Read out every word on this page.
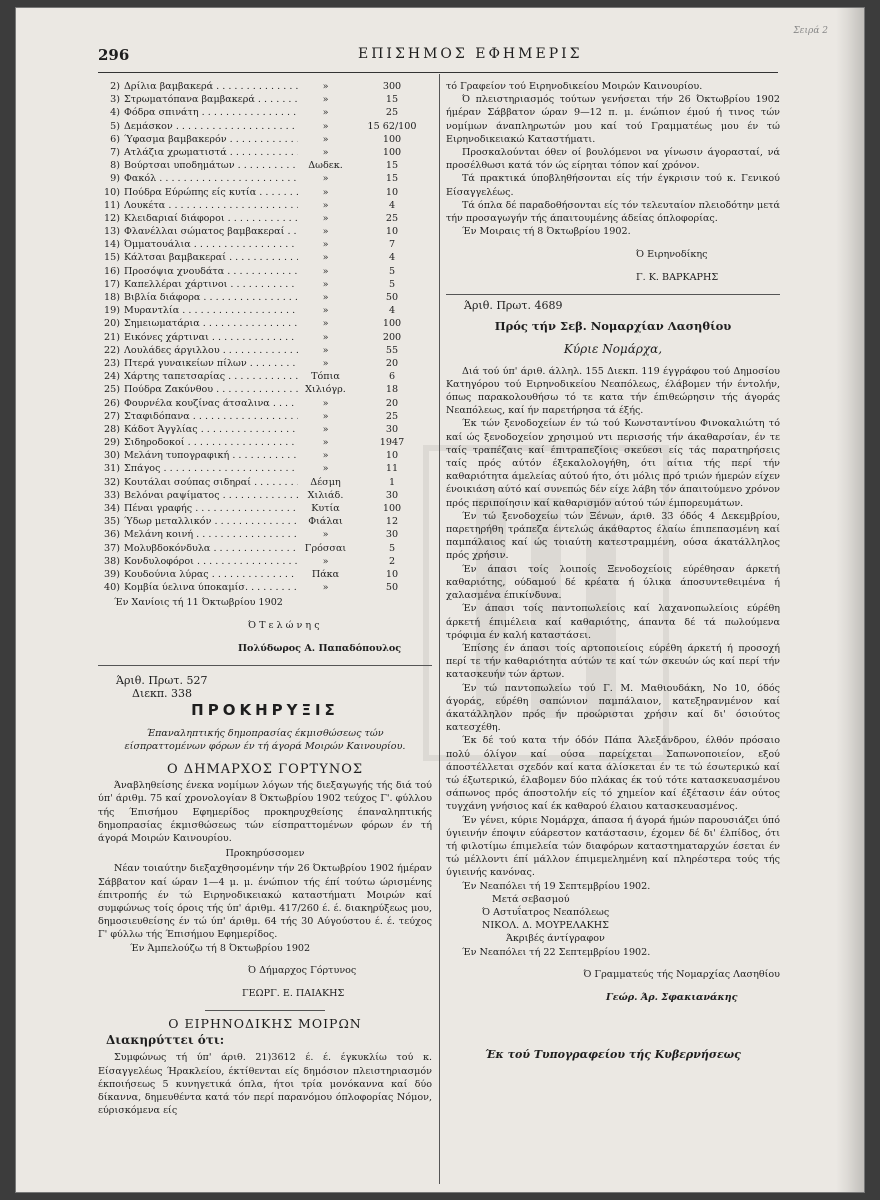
296	ΕΠΙΣΗΜΟΣ ΕΦΗΜΕΡΙΣ
Σειρά 2
2) Δρίλια βαμβακερά . . .	»	300
3) Στρωματόπανα βαμβακερά . . .	»	15
4) Φόδρα σπινάτη . . .	»	25
5) Δεμάσκον . . .	»	15 62/100
6) Ύφασμα βαμβακερόν . . .	»	100
7) Ατλάζια χρωματιστά . . .	»	100
8) Βούρτσαι υποδημάτων . . .	Δωδεκ.	15
9) Φακόλ . . .	»	15
10) Πούδρα Εύρώπης είς κυτία . . .	»	10
11) Λουκέτα . . .	»	4
12) Κλειδαριαί διάφοροι . . .	»	25
13) Φλανέλλαι σώματος βαμβακεραί . . .	»	10
14) Όμματουάλια . . .	»	7
15) Κάλτσαι βαμβακεραί . . .	»	4
16) Προσόψια χνουδάτα . . .	»	5
17) Καπελλέραι χάρτινοι . . .	»	5
18) Βιβλία διάφορα . . .	»	50
19) Μυραντλία . . .	»	4
20) Σημειωματάρια . . .	»	100
21) Εικόνες χάρτιναι . . .	»	200
22) Λουλάδες άργιλλου . . .	»	55
23) Πτερά γυναικείων πίλων . . .	»	20
24) Χάρτης ταπετσαρίας . . .	Τόπια	6
25) Πούδρα Ζακύνθου . . .	Χιλιόγρ.	18
26) Φουρνέλα κουζίνας άτσαλινα . . .	»	20
27) Σταφιδόπανα . . .	»	25
28) Κάδοτ Άγγλίας . . .	»	30
29) Σιδηροδοκοί . . .	»	1947
30) Μελάνη τυπογραφική . . .	»	10
31) Σπάγος . . .	»	11
32) Κουτάλαι σούπας σιδηραί . . .	Δέσμη	1
33) Βελόναι ραψίματος . . .	Χιλιάδ.	30
34) Πέναι γραφής . . .	Κυτία	100
35) Ύδωρ μεταλλικόν . . .	Φιάλαι	12
36) Μελάνη κοινή . . .	»	30
37) Μολυβδοκόνδυλα . . .	Γρόσσαι	5
38) Κονδυλοφόροι . . .	»	2
39) Κουδούνια λύρας . . .	Πάκα	10
40) Κομβία ύελινα ύποκαμίσ. . . .	»	50

Έν Χανίοις τή 11 Όκτωβρίου 1902

Ό Τ ε λ ώ ν η ς

Πολύδωρος Α. Παπαδόπουλος

Άριθ. Πρωτ. 527
Διεκπ. 338
ΠΡΟΚΗΡΥΞΙΣ

Έπαναληπτικής δημοπρασίας έκμισθώσεως τών είσπραττομένων φόρων έν τή άγορά Μοιρών Καινουρίου.

Ο ΔΗΜΑΡΧΟΣ ΓΟΡΤΥΝΟΣ

Άναβληθείσης ένεκα νομίμων λόγων τής διεξαγωγής τής διά τού ύπ' άριθμ. 75 καί χρονολογίαν 8 Όκτωβρίου 1902 τεύχος Γ'. φύλλου τής Έπισήμου Εφημερίδος προκηρυχθείσης έπαναληπτικής δημοπρασίας έκμισθώσεως τών είσπραττομένων φόρων έν τή άγορά Μοιρών Καινουρίου.

Προκηρύσσομεν

Νέαν τοιαύτην διεξαχθησομένην τήν 26 Όκτωβρίου 1902 ήμέραν Σάββατον καί ώραν 1—4 μ. μ. ένώπιον τής έπί τούτω ώρισμένης έπιτροπής έν τώ Ειρηνοδικειακώ καταστήματι Μοιρών καί συμφώνως τοίς όροις τής ύπ' άριθμ. 417/260 έ. έ. διακηρύξεως μου, δημοσιευθείσης έν τώ ύπ' άριθμ. 64 τής 30 Αύγούστου έ. έ. τεύχος Γ' φύλλω τής Έπισήμου Εφημερίδος.

Έν Άμπελούζω τή 8 Όκτωβρίου 1902

Ό Δήμαρχος Γόρτυνος

ΓΕΩΡΓ. Ε. ΠΑΙΑΚΗΣ

Ο ΕΙΡΗΝΟΔΙΚΗΣ ΜΟΙΡΩΝ
Διακηρύττει ότι:

Συμφώνως τή ύπ' άριθ. 21)3612 έ. έ. έγκυκλίω τού κ. Είσαγγελέως Ήρακλείου, έκτίθενται είς δημόσιον πλειστηριασμόν έκποιήσεως 5 κυνηγετικά όπλα, ήτοι τρία μονόκαννα καί δύο δίκαννα, δημευθέντα κατά τόν περί παρανόμου όπλοφορίας Νόμον, εύρισκόμενα είς

τό Γραφείον τού Ειρηνοδικείου Μοιρών Καινουρίου.

Ό πλειστηριασμός τούτων γενήσεται τήν 26 Όκτωβρίου 1902 ήμέραν Σάββατον ώραν 9—12 π. μ. ένώπιον έμού ή τινος τών νομίμων άναπληρωτών μου καί τού Γραμματέως μου έν τώ Ειρηνοδικειακώ Καταστήματι.

Προσκαλούνται όθεν οί βουλόμενοι να γίνωσιν άγορασταί, νά προσέλθωσι κατά τόν ώς είρηται τόπον καί χρόνον.

Τά πρακτικά ύποβληθήσονται είς τήν έγκρισιν τού κ. Γενικού Είσαγγελέως.

Τά όπλα δέ παραδοθήσονται είς τόν τελευταίον πλειοδότην μετά τήν προσαγωγήν τής άπαιτουμένης άδείας όπλοφορίας.

Έν Μοιραις τή 8 Όκτωβρίου 1902.

Ό Ειρηνοδίκης

Γ. Κ. ΒΑΡΚΑΡΗΣ

Άριθ. Πρωτ. 4689
Πρός τήν Σεβ. Νομαρχίαν Λασηθίου
Κύριε Νομάρχα,

Διά τού ύπ' άριθ. άλληλ. 155 Διεκπ. 119 έγγράφου τού Δημοσίου Κατηγόρου τού Ειρηνοδικείου Νεαπόλεως, έλάβομεν τήν έντολήν, όπως παρακολουθήσω τό τε κατα τήν έπιθεώρησιν τής άγοράς Νεαπόλεως, καί ήν παρετήρησα τά έξής.

Έκ τών ξενοδοχείων έν τώ τού Κωνσταντίνου Φινοκαλιώτη τό καί ώς ξενοδοχείον χρησιμού ντι περισσής τήν άκαθαρσίαν, έν τε ταίς τραπέζαις καί έπιτραπεζίοις σκεύεσι είς τάς παρατηρήσεις ταίς πρός αύτόν έξεκαλολογήθη, ότι αίτια τής περί τήν καθαριότητα άμελείας αύτού ήτο, ότι μόλις πρό τριών ήμερών είχεν ένοικιάση αύτό καί συνεπώς δέν είχε λάβη τόν άπαιτούμενο χρόνον πρός περιποίησιν καί καθαρισμόν αύτού τών έμπορευμάτων.

Έν τώ ξενοδοχείω τών Ξένων, άριθ. 33 όδός 4 Δεκεμβρίου, παρετηρήθη τράπεζα έντελώς άκάθαρτος έλαίω έπιπεπασμένη καί παμπάλαιος καί ώς τοιαύτη κατεστραμμένη, ούσα άκατάλληλος πρός χρήσιν.

Έν άπασι τοίς λοιποίς Ξενοδοχείοις εύρέθησαν άρκετή καθαριότης, ούδαμού δέ κρέατα ή ύλικα άποσυντεθειμένα ή χαλασμένα έπικίνδυνα.

Έν άπασι τοίς παντοπωλείοις καί λαχανοπωλείοις εύρέθη άρκετή έπιμέλεια καί καθαριότης, άπαντα δέ τά πωλούμενα τρόφιμα έν καλή καταστάσει.

Έπίσης έν άπασι τοίς αρτοποιείοις εύρέθη άρκετή ή προσοχή περί τε τήν καθαριότητα αύτών τε καί τών σκευών ώς καί περί τήν κατασκευήν τών άρτων.

Έν τώ παντοπωλείω τού Γ. Μ. Μαθιουδάκη, Νο 10, όδός άγοράς, εύρέθη σαπώνιον παμπάλαιον, κατεξηρανμένον καί άκατάλληλον πρός ήν προώρισται χρήσιν καί δι' όσιούτος κατεσχέθη.

Έκ δέ τού κατα τήν όδόν Πάπα Άλεξάνδρου, έλθόν πρόσαιο πολύ όλίγον καί ούσα παρείχεται Σαπωνοποιείον, εξού άποστέλλεται σχεδόν καί κατα άλίσκεται έν τε τώ έσωτερικώ καί τώ έξωτερικώ, έλαβομεν δύο πλάκας έκ τού τότε κατασκευασμένου σάπωνος πρός άποστολήν είς τό χημείον καί έξέτασιν έάν ούτος τυγχάνη γνήσιος καί έκ καθαρού έλαιου κατασκευασμένος.

Έν γένει, κύριε Νομάρχα, άπασα ή άγορά ήμών παρουσιάζει ύπό ύγιεινήν έποψιν εύάρεστον κατάστασιν, έχομεν δέ δι' έλπίδος, ότι τή φιλοτίμω έπιμελεία τών διαφόρων καταστηματαρχών έσεται έν τώ μέλλοντι έπί μάλλον έπιμεμελημένη καί πληρέστερα τούς τής ύγιεινής κανόνας.

Έν Νεαπόλει τή 19 Σεπτεμβρίου 1902.

Μετά σεβασμού

Ό Αστυΐατρος Νεαπόλεως

ΝΙΚΟΛ. Δ. ΜΟΥΡΕΛΑΚΗΣ

Άκριβές άντίγραφον

Έν Νεαπόλει τή 22 Σεπτεμβρίου 1902.

Ό Γραμματεύς τής Νομαρχίας Λασηθίου

Γεώρ. Άρ. Σφακιανάκης

Έκ τού Τυπογραφείου τής Κυβερνήσεως
